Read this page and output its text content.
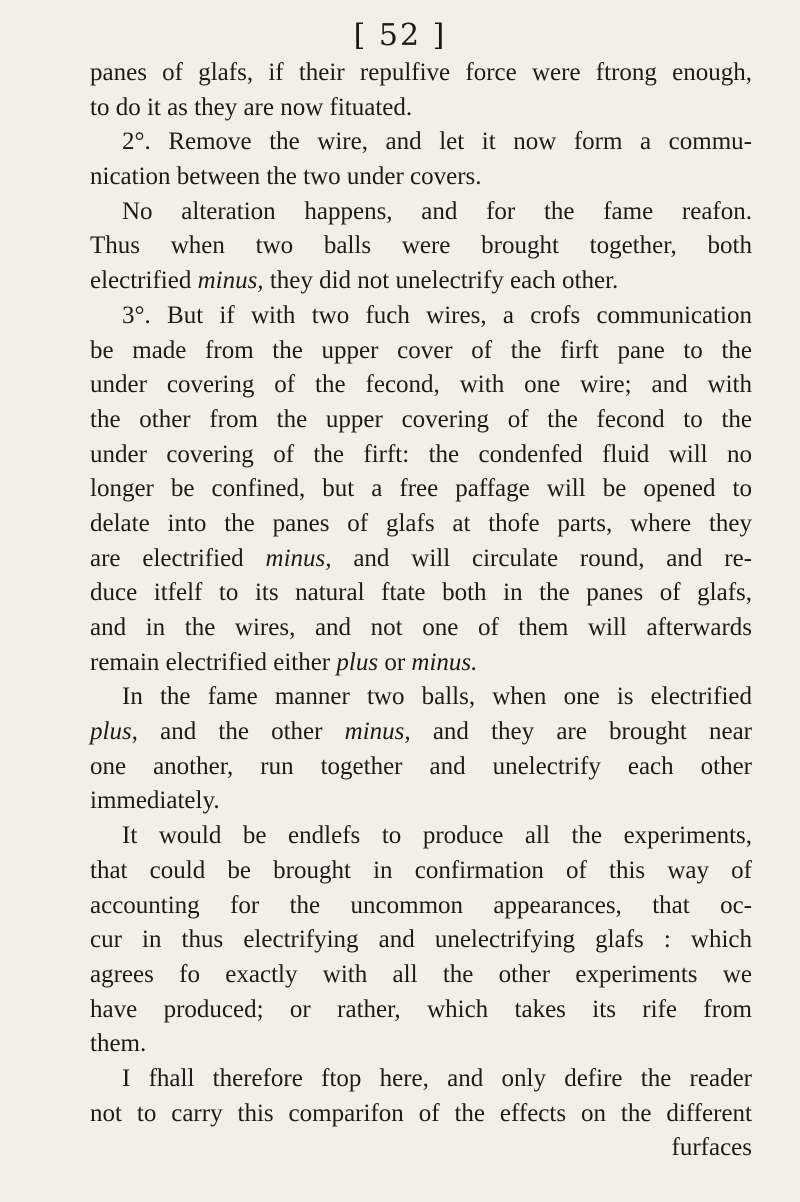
[ 52 ]
panes of glafs, if their repulfive force were ftrong enough,
to do it as they are now fituated.
2°. Remove the wire, and let it now form a commu-
nication between the two under covers.
No alteration happens, and for the fame reafon.
Thus when two balls were brought together, both
electrified minus, they did not unelectrify each other.
3°. But if with two fuch wires, a crofs communication
be made from the upper cover of the firft pane to the
under covering of the fecond, with one wire; and with
the other from the upper covering of the fecond to the
under covering of the firft: the condenfed fluid will no
longer be confined, but a free paffage will be opened to
delate into the panes of glafs at thofe parts, where they
are electrified minus, and will circulate round, and re-
duce itfelf to its natural ftate both in the panes of glafs,
and in the wires, and not one of them will afterwards
remain electrified either plus or minus.
In the fame manner two balls, when one is electrified
plus, and the other minus, and they are brought near
one another, run together and unelectrify each other
immediately.
It would be endlefs to produce all the experiments,
that could be brought in confirmation of this way of
accounting for the uncommon appearances, that oc-
cur in thus electrifying and unelectrifying glafs : which
agrees fo exactly with all the other experiments we
have produced; or rather, which takes its rife from
them.
I fhall therefore ftop here, and only defire the reader
not to carry this comparifon of the effects on the different
furfaces
